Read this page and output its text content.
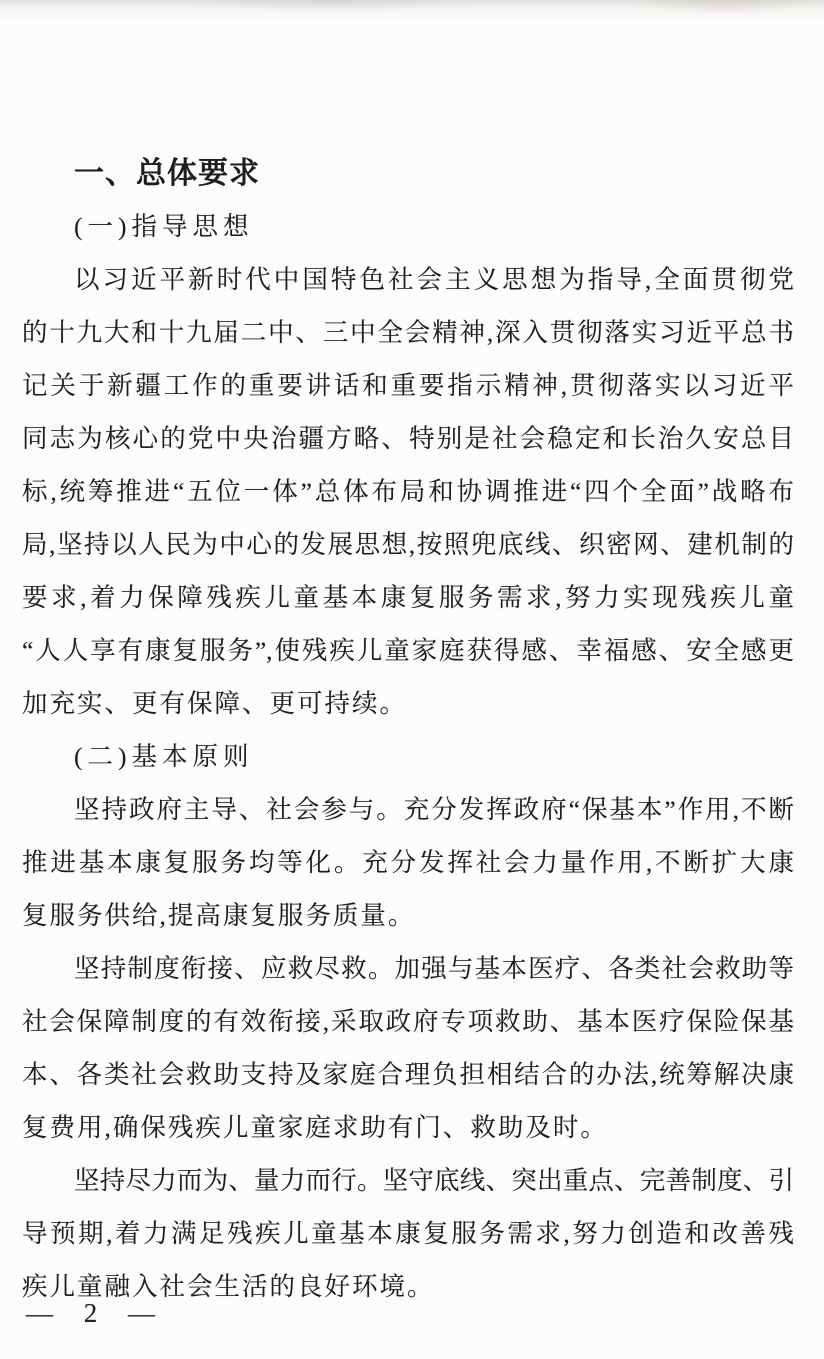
一、总体要求
(一)指导思想
以习近平新时代中国特色社会主义思想为指导,全面贯彻党
的十九大和十九届二中、三中全会精神,深入贯彻落实习近平总书
记关于新疆工作的重要讲话和重要指示精神,贯彻落实以习近平
同志为核心的党中央治疆方略、特别是社会稳定和长治久安总目
标,统筹推进“五位一体”总体布局和协调推进“四个全面”战略布
局,坚持以人民为中心的发展思想,按照兜底线、织密网、建机制的
要求,着力保障残疾儿童基本康复服务需求,努力实现残疾儿童
“人人享有康复服务”,使残疾儿童家庭获得感、幸福感、安全感更
加充实、更有保障、更可持续。
(二)基本原则
坚持政府主导、社会参与。充分发挥政府“保基本”作用,不断
推进基本康复服务均等化。充分发挥社会力量作用,不断扩大康
复服务供给,提高康复服务质量。
坚持制度衔接、应救尽救。加强与基本医疗、各类社会救助等
社会保障制度的有效衔接,采取政府专项救助、基本医疗保险保基
本、各类社会救助支持及家庭合理负担相结合的办法,统筹解决康
复费用,确保残疾儿童家庭求助有门、救助及时。
坚持尽力而为、量力而行。坚守底线、突出重点、完善制度、引
导预期,着力满足残疾儿童基本康复服务需求,努力创造和改善残
疾儿童融入社会生活的良好环境。
— 2 —
